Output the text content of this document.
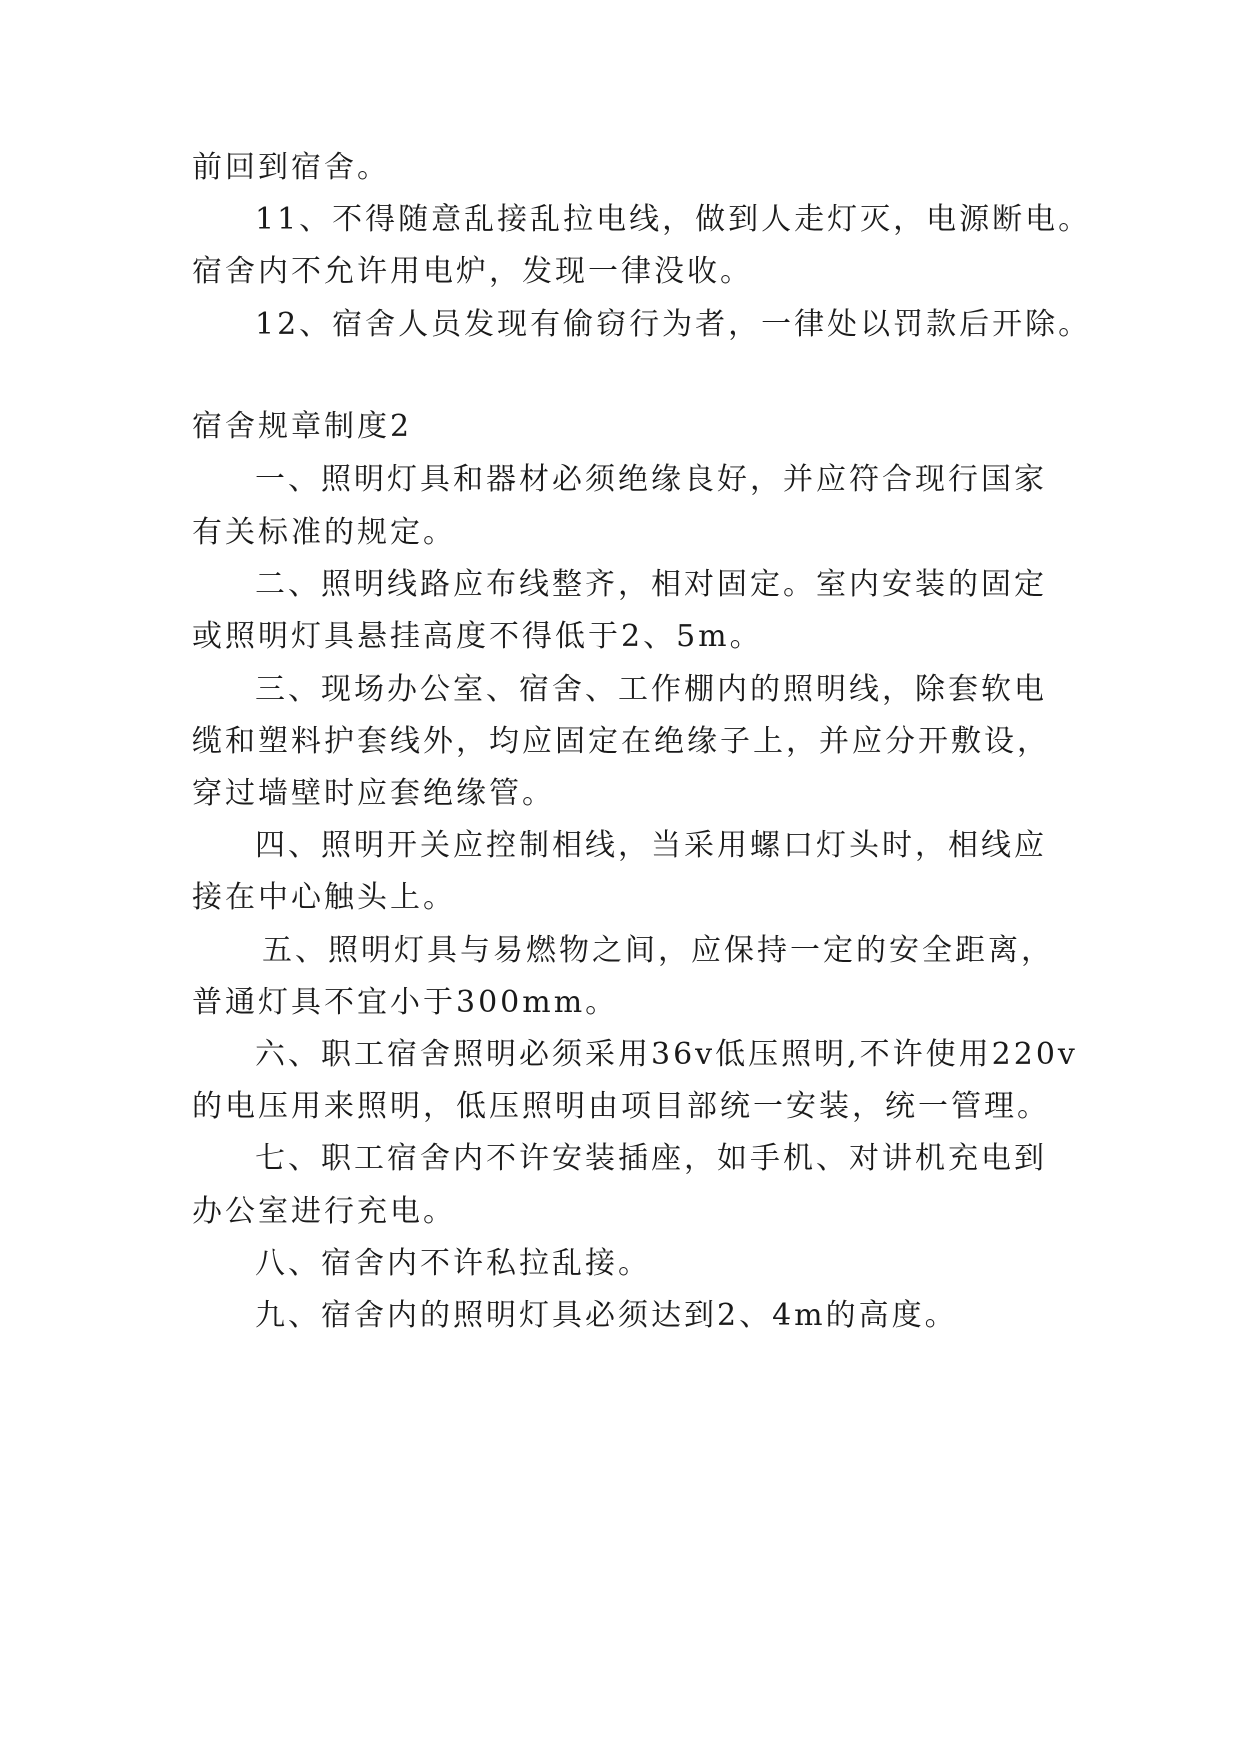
前回到宿舍。
11、不得随意乱接乱拉电线，做到人走灯灭，电源断电。
宿舍内不允许用电炉，发现一律没收。
12、宿舍人员发现有偷窃行为者，一律处以罚款后开除。
宿舍规章制度2
一、照明灯具和器材必须绝缘良好，并应符合现行国家
有关标准的规定。
二、照明线路应布线整齐，相对固定。室内安装的固定
或照明灯具悬挂高度不得低于2、5m。
三、现场办公室、宿舍、工作棚内的照明线，除套软电
缆和塑料护套线外，均应固定在绝缘子上，并应分开敷设，
穿过墙壁时应套绝缘管。
四、照明开关应控制相线，当采用螺口灯头时，相线应
接在中心触头上。
五、照明灯具与易燃物之间，应保持一定的安全距离，
普通灯具不宜小于300mm。
六、职工宿舍照明必须采用36v低压照明,不许使用220v
的电压用来照明，低压照明由项目部统一安装，统一管理。
七、职工宿舍内不许安装插座，如手机、对讲机充电到
办公室进行充电。
八、宿舍内不许私拉乱接。
九、宿舍内的照明灯具必须达到2、4m的高度。
